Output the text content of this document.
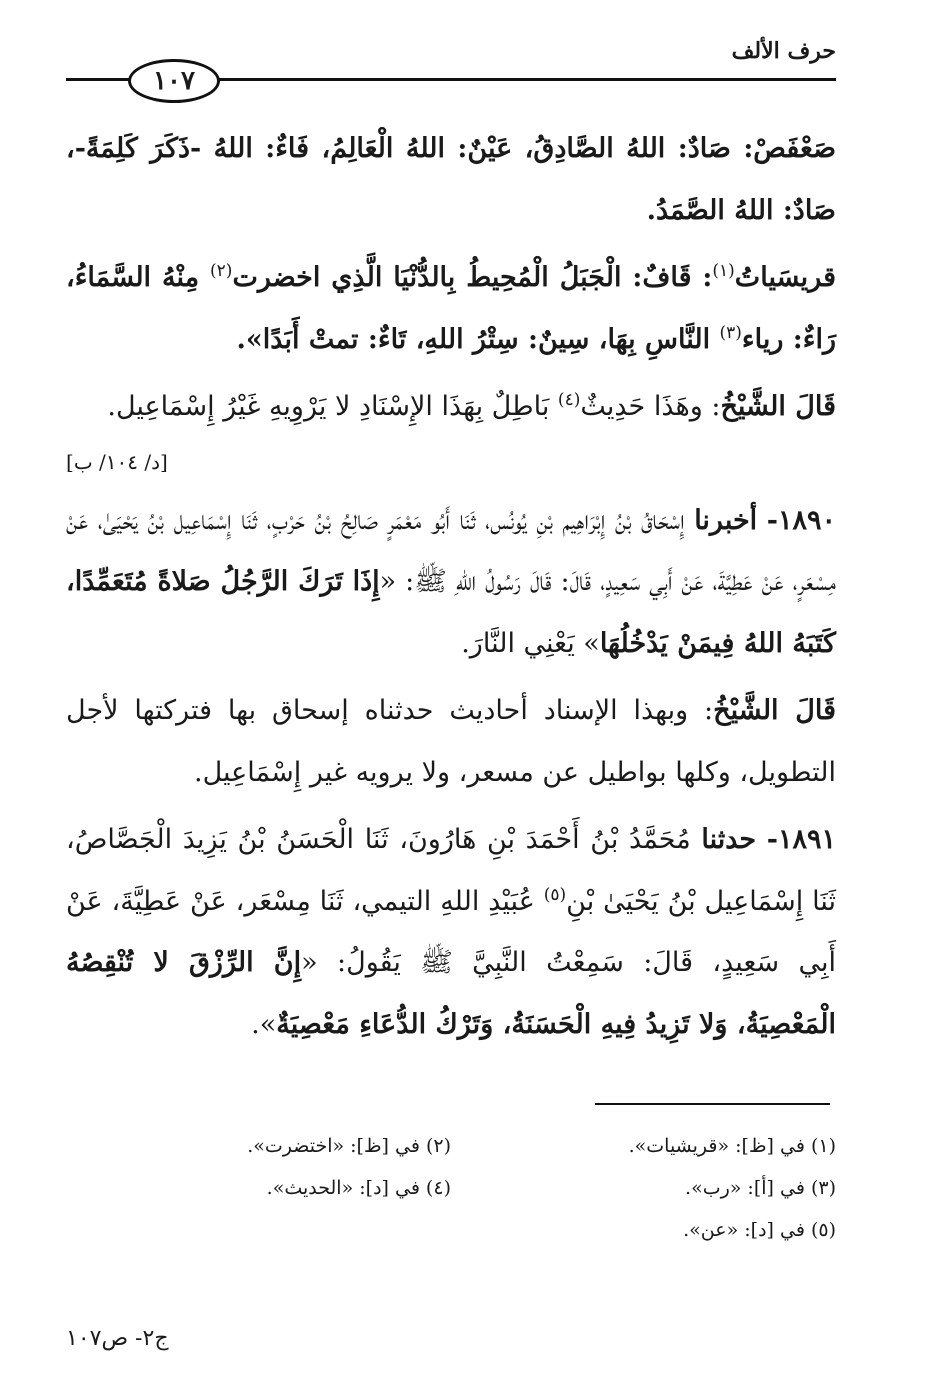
حرف الألف
١٠٧

صَعْفَصْ: صَادٌ: اللهُ الصَّادِقُ، عَيْنٌ: اللهُ الْعَالِمُ، فَاءٌ: اللهُ -ذَكَرَ كَلِمَةً-، صَادٌ: اللهُ الصَّمَدُ.

قريسَياتُ$^{(١)}$: قَافٌ: الْجَبَلُ الْمُحِيطُ بِالدُّنْيَا الَّذِي اخضرت$^{(٢)}$ مِنْهُ السَّمَاءُ، رَاءٌ: رياء$^{(٣)}$ النَّاسِ بِهَا، سِينٌ: سِتْرُ اللهِ، تَاءٌ: تمتْ أَبَدًا».

قَالَ الشَّيْخُ: وهَذَا حَدِيثٌ$^{(٤)}$ بَاطِلٌ بِهَذَا الإِسْنَادِ لا يَرْوِيهِ غَيْرُ إِسْمَاعِيل.

[د/ ١٠٤/ ب]

١٨٩٠- أخبرنا إِسْحَاقُ بْنُ إِبْرَاهِيم بْنِ يُونُس، ثَنَا أَبُو مَعْمَرٍ صَالِحُ بْنُ حَرْبٍ، ثَنَا إِسْمَاعِيل بْنُ يَحْيَىٰ، عَنْ مِسْعَرٍ، عَنْ عَطِيَّةَ، عَنْ أَبِي سَعِيدٍ، قَالَ: قَالَ رَسُولُ اللهِ ﷺ: «إِذَا تَرَكَ الرَّجُلُ صَلاةً مُتَعَمِّدًا، كَتَبَهُ اللهُ فِيمَنْ يَدْخُلُهَا» يَعْنِي النَّارَ.

قَالَ الشَّيْخُ: وبهذا الإسناد أحاديث حدثناه إسحاق بها فتركتها لأجل التطويل، وكلها بواطيل عن مسعر، ولا يرويه غير إِسْمَاعِيل.

١٨٩١- حدثنا مُحَمَّدُ بْنُ أَحْمَدَ بْنِ هَارُونَ، ثَنَا الْحَسَنُ بْنُ يَزِيدَ الْجَصَّاصُ، ثَنَا إِسْمَاعِيل بْنُ يَحْيَىٰ بْنِ$^{(٥)}$ عُبَيْدِ اللهِ التيمي، ثَنَا مِسْعَر، عَنْ عَطِيَّةَ، عَنْ أَبِي سَعِيدٍ، قَالَ: سَمِعْتُ النَّبِيَّ ﷺ يَقُولُ: «إِنَّ الرِّزْقَ لا تُنْقِصُهُ الْمَعْصِيَةُ، وَلا تَزِيدُ فِيهِ الْحَسَنَةُ، وَتَرْكُ الدُّعَاءِ مَعْصِيَةٌ».

(١) في [ظ]: «قريشيات».
(٢) في [ظ]: «اختضرت».
(٣) في [أ]: «رب».
(٤) في [د]: «الحديث».
(٥) في [د]: «عن».
ج٢- ص١٠٧
